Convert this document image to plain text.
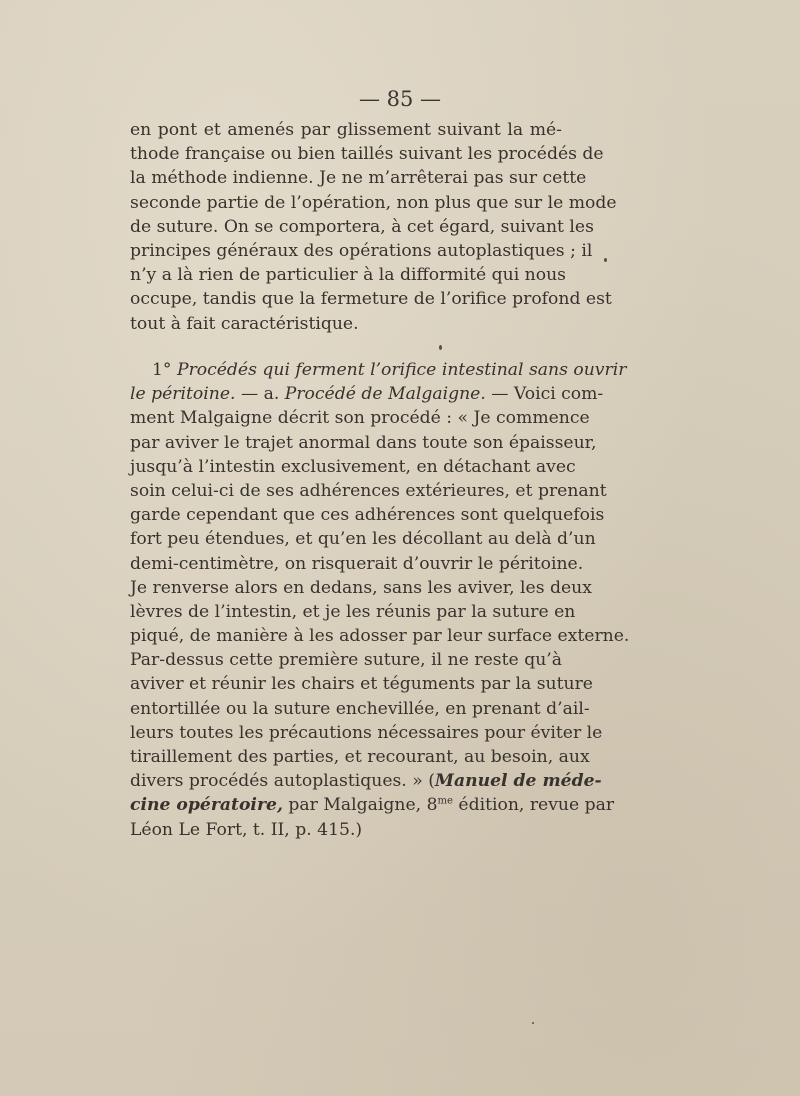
— 85 —
en pont et amenés par glissement suivant la mé-
thode française ou bien taillés suivant les procédés de
la méthode indienne. Je ne m’arrêterai pas sur cette
seconde partie de l’opération, non plus que sur le mode
de suture. On se comportera, à cet égard, suivant les
principes généraux des opérations autoplastiques ; il
n’y a là rien de particulier à la difformité qui nous
occupe, tandis que la fermeture de l’orifice profond est
tout à fait caractéristique.
1° Procédés qui ferment l’orifice intestinal sans ouvrir
le péritoine. — a. Procédé de Malgaigne. — Voici com-
ment Malgaigne décrit son procédé : « Je commence
par aviver le trajet anormal dans toute son épaisseur,
jusqu’à l’intestin exclusivement, en détachant avec
soin celui-ci de ses adhérences extérieures, et prenant
garde cependant que ces adhérences sont quelquefois
fort peu étendues, et qu’en les décollant au delà d’un
demi-centimètre, on risquerait d’ouvrir le péritoine.
Je renverse alors en dedans, sans les aviver, les deux
lèvres de l’intestin, et je les réunis par la suture en
piqué, de manière à les adosser par leur surface externe.
Par-dessus cette première suture, il ne reste qu’à
aviver et réunir les chairs et téguments par la suture
entortillée ou la suture enchevillée, en prenant d’ail-
leurs toutes les précautions nécessaires pour éviter le
tiraillement des parties, et recourant, au besoin, aux
divers procédés autoplastiques. » (Manuel de méde-
cine opératoire, par Malgaigne, $8^{me}$ édition, revue par
Léon Le Fort, t. II, p. 415.)
